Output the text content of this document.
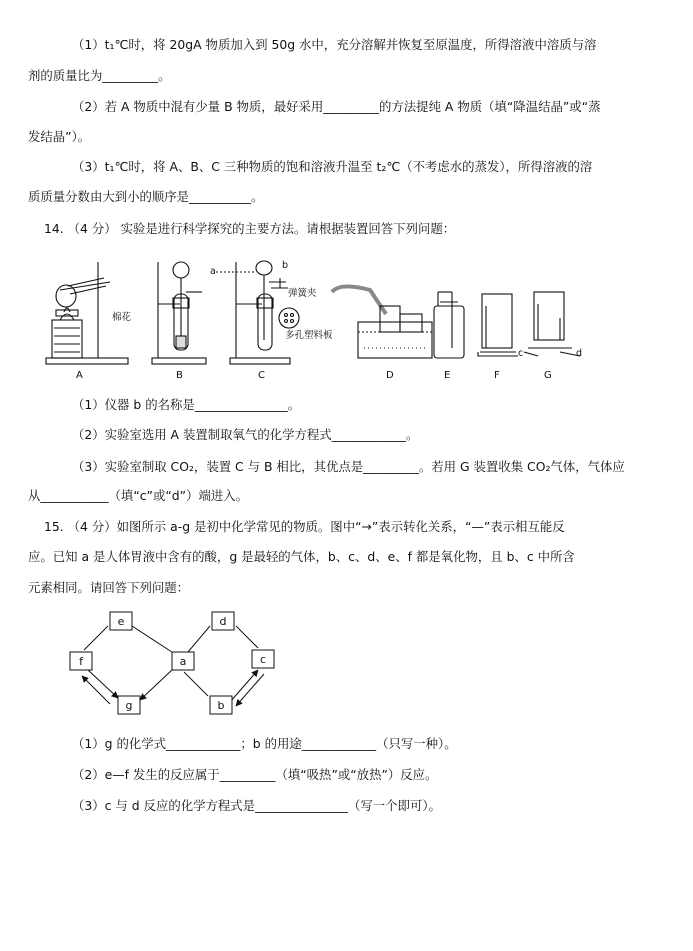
（1）t₁℃时，将 20gA 物质加入到 50g 水中，充分溶解并恢复至原温度，所得溶液中溶质与溶
剂的质量比为_________。
（2）若 A 物质中混有少量 B 物质，最好采用_________的方法提纯 A 物质（填“降温结晶”或“蒸
发结晶”）。
（3）t₁℃时，将 A、B、C 三种物质的饱和溶液升温至 t₂℃（不考虑水的蒸发），所得溶液的溶
质质量分数由大到小的顺序是__________。
14. （4 分） 实验是进行科学探究的主要方法。请根据装置回答下列问题：
棉花
a
b
弹簧夹
多孔塑料板
c	d
A	B	C	D	E	F	G
（1）仪器 b 的名称是_______________。
（2）实验室选用 A 装置制取氧气的化学方程式____________。
（3）实验室制取 CO₂，装置 C 与 B 相比，其优点是_________。若用 G 装置收集 CO₂气体，气体应
从___________（填“c”或“d”）端进入。
15. （4 分）如图所示 a-g 是初中化学常见的物质。图中“→”表示转化关系，“—”表示相互能反
应。已知 a 是人体胃液中含有的酸，g 是最轻的气体，b、c、d、e、f 都是氧化物，且 b、c 中所含
元素相同。请回答下列问题：
e	d
f	a	c
g	b
（1）g 的化学式____________；b 的用途____________（只写一种）。
（2）e—f 发生的反应属于_________（填“吸热”或“放热”）反应。
（3）c 与 d 反应的化学方程式是_______________（写一个即可）。
